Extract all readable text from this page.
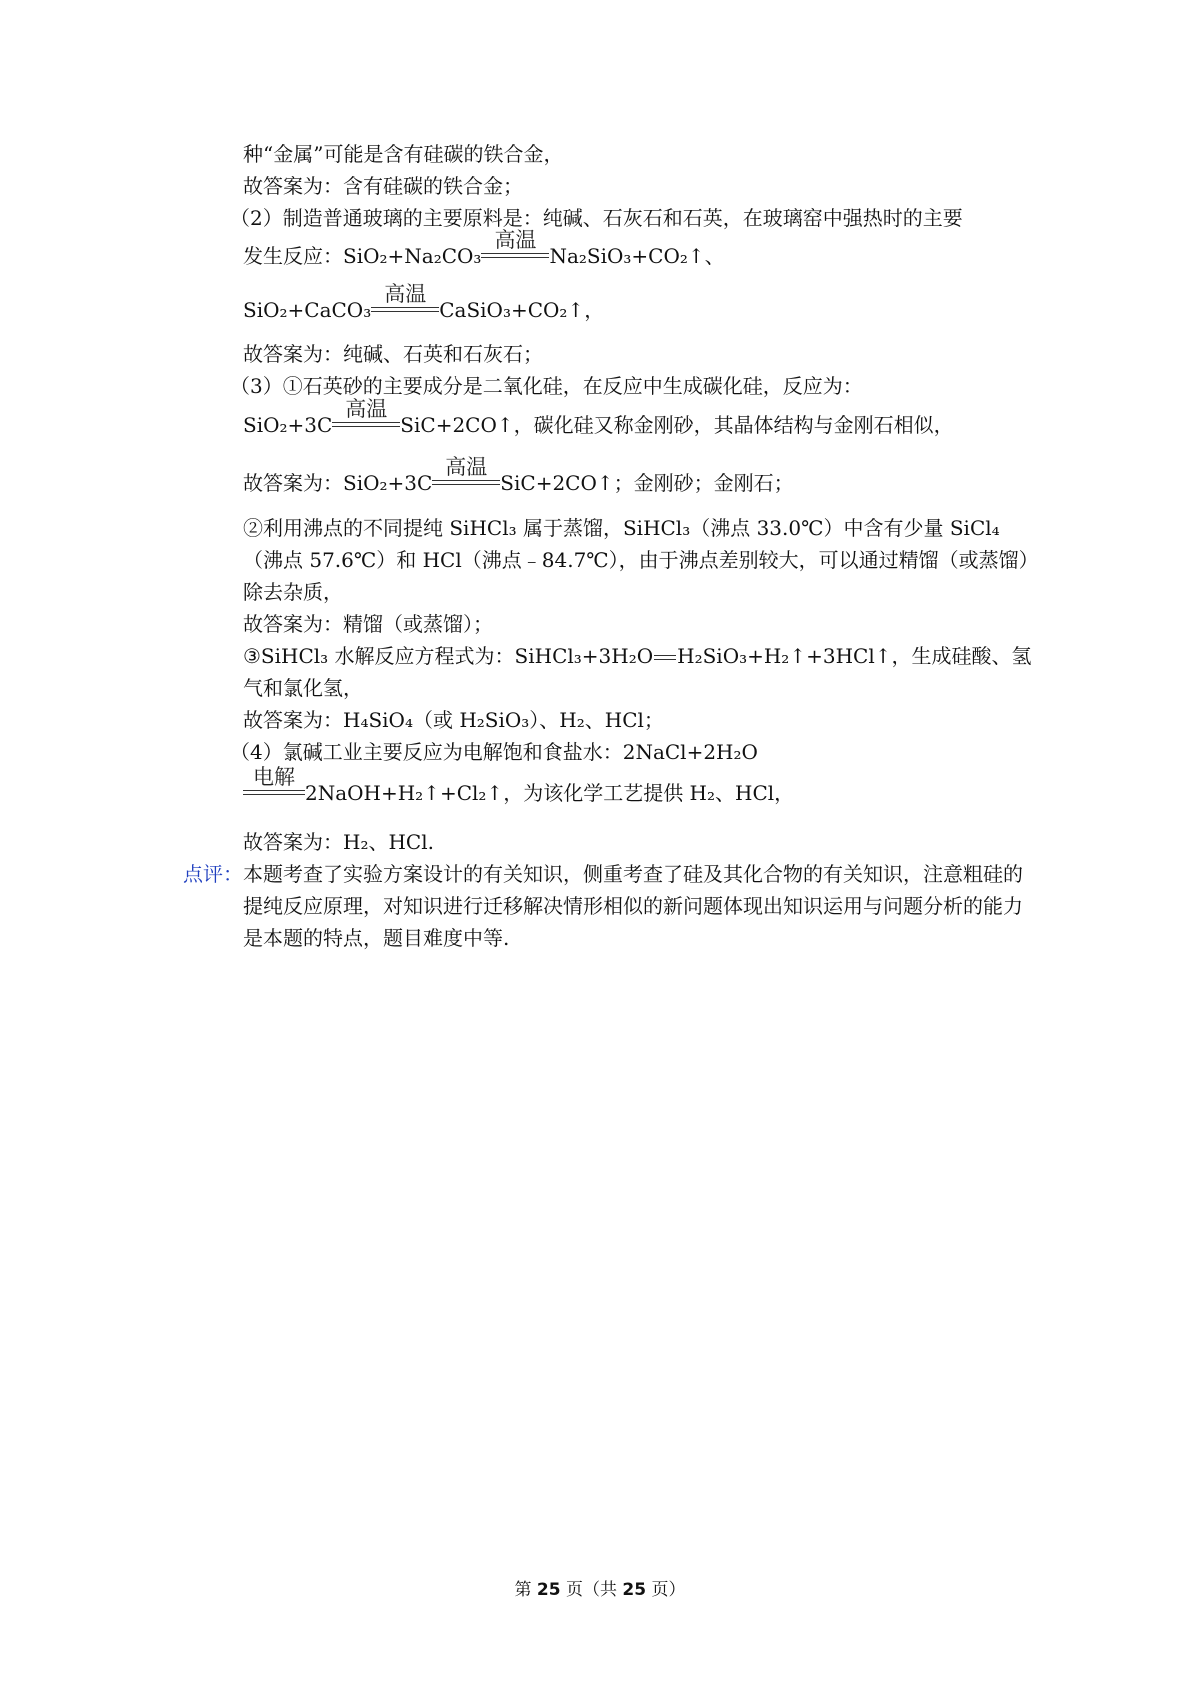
种“金属”可能是含有硅碳的铁合金，
故答案为：含有硅碳的铁合金；
（2）制造普通玻璃的主要原料是：纯碱、石灰石和石英，在玻璃窑中强热时的主要
发生反应：SiO₂+Na₂CO₃
高温
Na₂SiO₃+CO₂↑、
SiO₂+CaCO₃
高温
CaSiO₃+CO₂↑，
故答案为：纯碱、石英和石灰石；
（3）①石英砂的主要成分是二氧化硅，在反应中生成碳化硅，反应为：
SiO₂+3C
高温
SiC+2CO↑，碳化硅又称金刚砂，其晶体结构与金刚石相似，
故答案为：SiO₂+3C
高温
SiC+2CO↑；金刚砂；金刚石；
②利用沸点的不同提纯 SiHCl₃ 属于蒸馏，SiHCl₃（沸点 33.0℃）中含有少量 SiCl₄（沸点 57.6℃）和 HCl（沸点﹣84.7℃），由于沸点差别较大，可以通过精馏（或蒸馏）除去杂质，
故答案为：精馏（或蒸馏）；
③SiHCl₃ 水解反应方程式为：SiHCl₃+3H₂O H₂SiO₃+H₂↑+3HCl↑，生成硅酸、氢气和氯化氢，
故答案为：H₄SiO₄（或 H₂SiO₃）、H₂、HCl；
（4）氯碱工业主要反应为电解饱和食盐水：2NaCl+2H₂O
电解
2NaOH+H₂↑+Cl₂↑，为该化学工艺提供 H₂、HCl，
故答案为：H₂、HCl.
点评： 本题考查了实验方案设计的有关知识，侧重考查了硅及其化合物的有关知识，注意粗硅的提纯反应原理，对知识进行迁移解决情形相似的新问题体现出知识运用与问题分析的能力是本题的特点，题目难度中等.
第 25 页（共 25 页）
